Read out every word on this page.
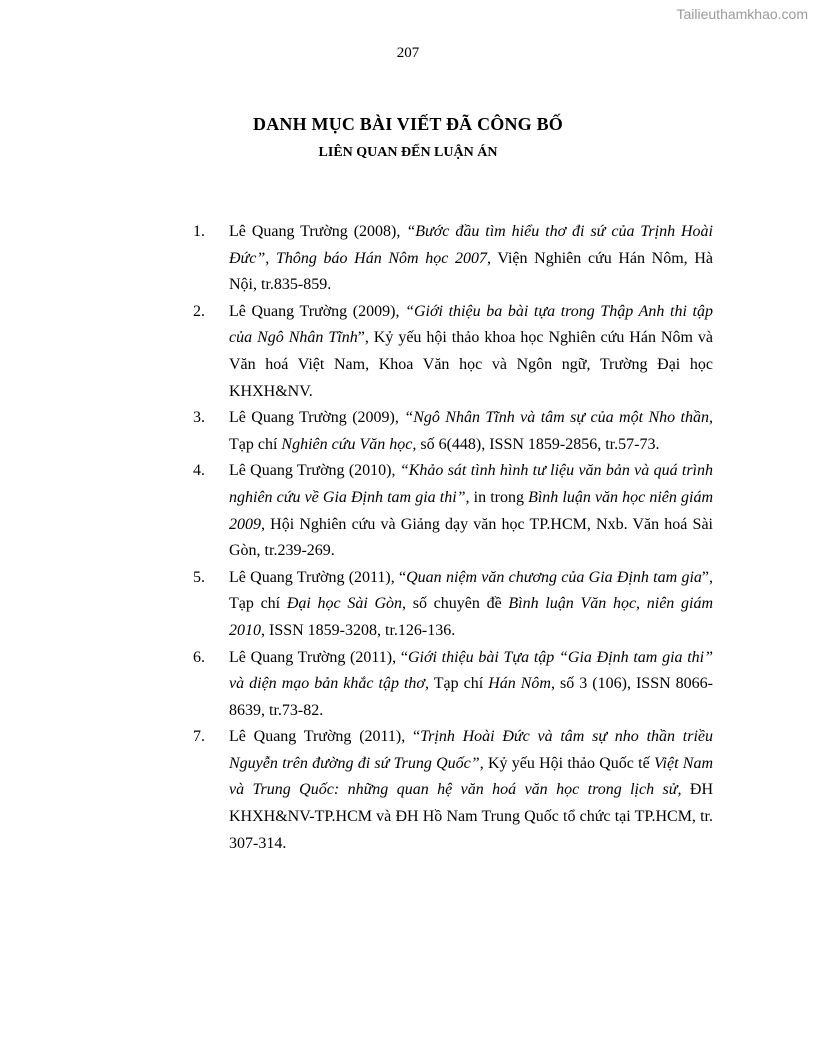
Tailieuthamkhao.com
207
DANH MỤC BÀI VIẾT ĐÃ CÔNG BỐ
LIÊN QUAN ĐẾN LUẬN ÁN
1. Lê Quang Trường (2008), “Bước đầu tìm hiểu thơ đi sứ của Trịnh Hoài Đức”, Thông báo Hán Nôm học 2007, Viện Nghiên cứu Hán Nôm, Hà Nội, tr.835-859.
2. Lê Quang Trường (2009), “Giới thiệu ba bài tựa trong Thập Anh thi tập của Ngô Nhân Tĩnh”, Kỷ yếu hội thảo khoa học Nghiên cứu Hán Nôm và Văn hoá Việt Nam, Khoa Văn học và Ngôn ngữ, Trường Đại học KHXH&NV.
3. Lê Quang Trường (2009), “Ngô Nhân Tĩnh và tâm sự của một Nho thần, Tạp chí Nghiên cứu Văn học, số 6(448), ISSN 1859-2856, tr.57-73.
4. Lê Quang Trường (2010), “Khảo sát tình hình tư liệu văn bản và quá trình nghiên cứu về Gia Định tam gia thi”, in trong Bình luận văn học niên giám 2009, Hội Nghiên cứu và Giảng dạy văn học TP.HCM, Nxb. Văn hoá Sài Gòn, tr.239-269.
5. Lê Quang Trường (2011), “Quan niệm văn chương của Gia Định tam gia”, Tạp chí Đại học Sài Gòn, số chuyên đề Bình luận Văn học, niên giám 2010, ISSN 1859-3208, tr.126-136.
6. Lê Quang Trường (2011), “Giới thiệu bài Tựa tập “Gia Định tam gia thi” và diện mạo bản khắc tập thơ, Tạp chí Hán Nôm, số 3 (106), ISSN 8066-8639, tr.73-82.
7. Lê Quang Trường (2011), “Trịnh Hoài Đức và tâm sự nho thần triều Nguyễn trên đường đi sứ Trung Quốc”, Kỷ yếu Hội thảo Quốc tế Việt Nam và Trung Quốc: những quan hệ văn hoá văn học trong lịch sử, ĐH KHXH&NV-TP.HCM và ĐH Hồ Nam Trung Quốc tổ chức tại TP.HCM, tr. 307-314.
